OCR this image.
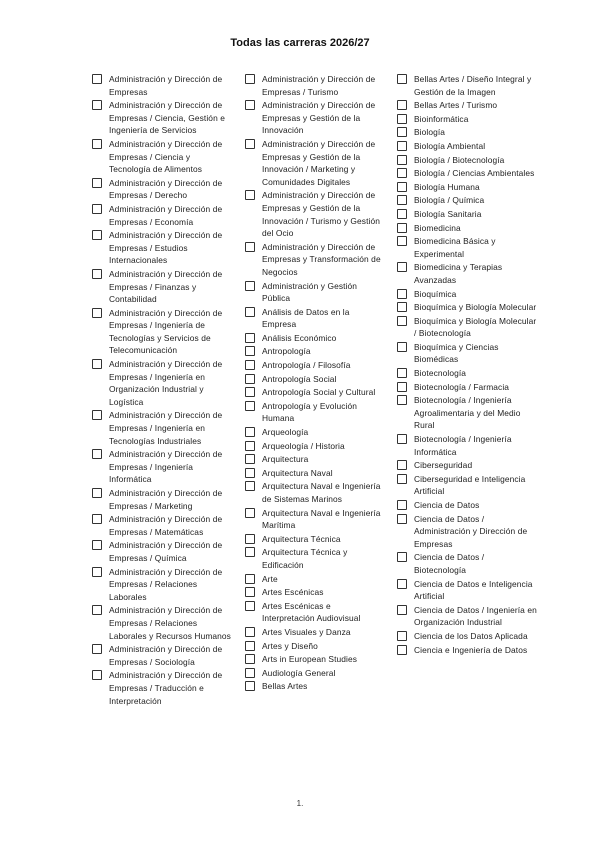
Todas las carreras 2026/27
Administración y Dirección de Empresas
Administración y Dirección de Empresas / Ciencia, Gestión e Ingeniería de Servicios
Administración y Dirección de Empresas / Ciencia y Tecnología de Alimentos
Administración y Dirección de Empresas / Derecho
Administración y Dirección de Empresas / Economía
Administración y Dirección de Empresas / Estudios Internacionales
Administración y Dirección de Empresas / Finanzas y Contabilidad
Administración y Dirección de Empresas / Ingeniería de Tecnologías y Servicios de Telecomunicación
Administración y Dirección de Empresas / Ingeniería en Organización Industrial y Logística
Administración y Dirección de Empresas / Ingeniería en Tecnologías Industriales
Administración y Dirección de Empresas / Ingeniería Informática
Administración y Dirección de Empresas / Marketing
Administración y Dirección de Empresas / Matemáticas
Administración y Dirección de Empresas / Química
Administración y Dirección de Empresas / Relaciones Laborales
Administración y Dirección de Empresas / Relaciones Laborales y Recursos Humanos
Administración y Dirección de Empresas / Sociología
Administración y Dirección de Empresas / Traducción e Interpretación
Administración y Dirección de Empresas / Turismo
Administración y Dirección de Empresas y Gestión de la Innovación
Administración y Dirección de Empresas y Gestión de la Innovación / Marketing y Comunidades Digitales
Administración y Dirección de Empresas y Gestión de la Innovación / Turismo y Gestión del Ocio
Administración y Dirección de Empresas y Transformación de Negocios
Administración y Gestión Pública
Análisis de Datos en la Empresa
Análisis Económico
Antropología
Antropología / Filosofía
Antropología Social
Antropología Social y Cultural
Antropología y Evolución Humana
Arqueología
Arqueología / Historia
Arquitectura
Arquitectura Naval
Arquitectura Naval e Ingeniería de Sistemas Marinos
Arquitectura Naval e Ingeniería Marítima
Arquitectura Técnica
Arquitectura Técnica y Edificación
Arte
Artes Escénicas
Artes Escénicas e Interpretación Audiovisual
Artes Visuales y Danza
Artes y Diseño
Arts in European Studies
Audiología General
Bellas Artes
Bellas Artes / Diseño Integral y Gestión de la Imagen
Bellas Artes / Turismo
Bioinformática
Biología
Biología Ambiental
Biología / Biotecnología
Biología / Ciencias Ambientales
Biología Humana
Biología / Química
Biología Sanitaria
Biomedicina
Biomedicina Básica y Experimental
Biomedicina y Terapias Avanzadas
Bioquímica
Bioquímica y Biología Molecular
Bioquímica y Biología Molecular / Biotecnología
Bioquímica y Ciencias Biomédicas
Biotecnología
Biotecnología / Farmacia
Biotecnología / Ingeniería Agroalimentaria y del Medio Rural
Biotecnología / Ingeniería Informática
Ciberseguridad
Ciberseguridad e Inteligencia Artificial
Ciencia de Datos
Ciencia de Datos / Administración y Dirección de Empresas
Ciencia de Datos / Biotecnología
Ciencia de Datos e Inteligencia Artificial
Ciencia de Datos / Ingeniería en Organización Industrial
Ciencia de los Datos Aplicada
Ciencia e Ingeniería de Datos
1.
